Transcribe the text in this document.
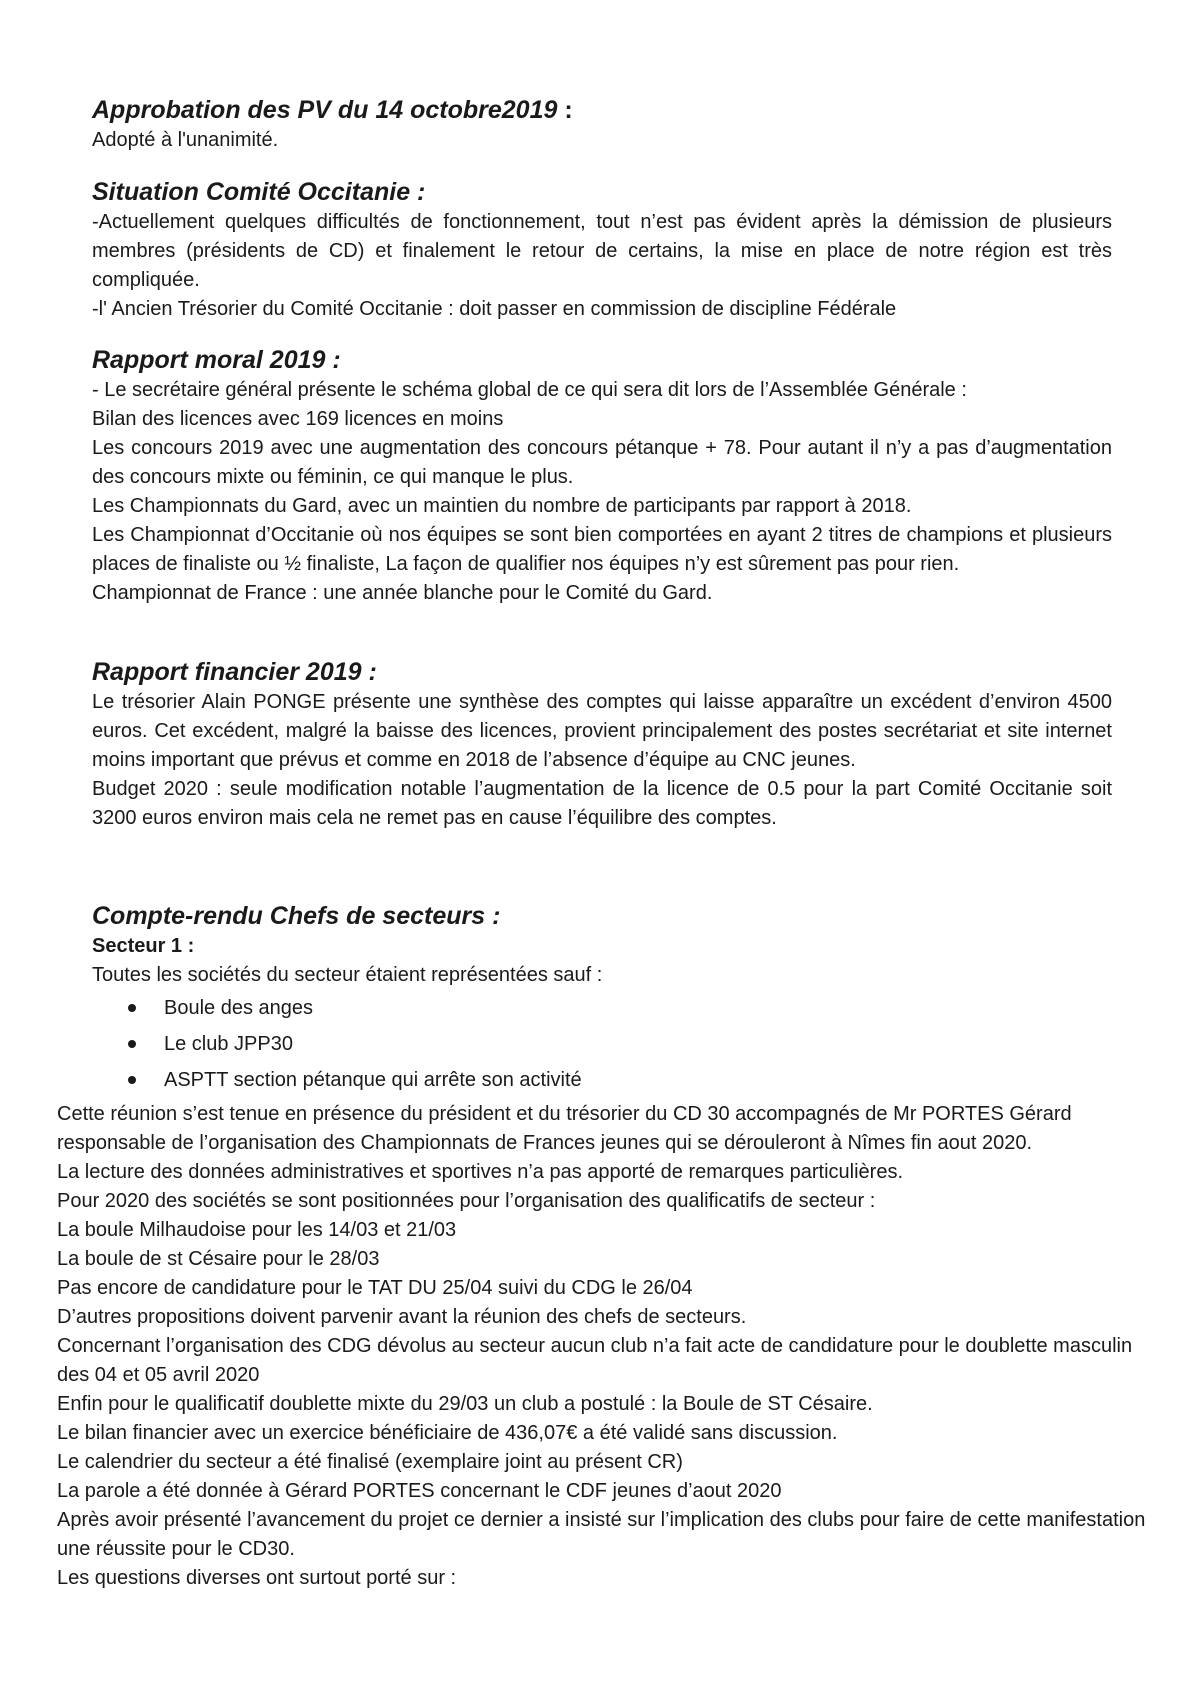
Approbation des PV du 14 octobre2019 :

Adopté à l'unanimité.

Situation Comité Occitanie :

-Actuellement quelques difficultés de fonctionnement, tout n’est pas évident après la démission de plusieurs membres (présidents de CD) et finalement le retour de certains, la mise en place de notre région est très compliquée.

-l' Ancien Trésorier du Comité Occitanie : doit passer en commission de discipline Fédérale

Rapport moral 2019 :

- Le secrétaire général présente le schéma global de ce qui sera dit lors de l’Assemblée Générale :

Bilan des licences avec 169 licences en moins

Les concours 2019 avec une augmentation des concours pétanque + 78. Pour autant il n’y a pas d’augmentation des concours mixte ou féminin, ce qui manque le plus.

Les Championnats du Gard, avec un maintien du nombre de participants par rapport à 2018.

Les Championnat d’Occitanie où nos équipes se sont bien comportées en ayant 2 titres de champions et plusieurs places de finaliste ou ½ finaliste, La façon de qualifier nos équipes n’y est sûrement pas pour rien.

Championnat de France : une année blanche pour le Comité du Gard.

Rapport financier 2019 :

Le trésorier Alain PONGE présente une synthèse des comptes qui laisse apparaître un excédent d’environ 4500 euros. Cet excédent, malgré la baisse des licences, provient principalement des postes secrétariat et site internet moins important que prévus et comme en 2018 de l’absence d’équipe au CNC jeunes.

Budget 2020 : seule modification notable l’augmentation de la licence de 0.5 pour la part Comité Occitanie soit 3200 euros environ mais cela ne remet pas en cause l’équilibre des comptes.

Compte-rendu Chefs de secteurs :

Secteur 1 :

Toutes les sociétés du secteur étaient représentées sauf :

Boule des anges
Le club JPP30
ASPTT section pétanque qui arrête son activité

Cette réunion s’est tenue en présence du président et du trésorier du CD 30 accompagnés de Mr PORTES Gérard responsable de l’organisation des Championnats de Frances jeunes qui se dérouleront à Nîmes fin aout 2020.

La lecture des données administratives et sportives n’a pas apporté de remarques particulières.

Pour 2020 des sociétés se sont positionnées pour l’organisation des qualificatifs de secteur :

La boule Milhaudoise pour les 14/03 et 21/03

La boule de st Césaire pour le 28/03

Pas encore de candidature pour le TAT DU 25/04 suivi du CDG le 26/04

D’autres propositions doivent parvenir avant la réunion des chefs de secteurs.

Concernant l’organisation des CDG dévolus au secteur aucun club n’a fait acte de candidature pour le doublette masculin des 04 et 05 avril 2020

Enfin pour le qualificatif doublette mixte du 29/03 un club a postulé : la Boule de ST Césaire.

Le bilan financier avec un exercice bénéficiaire de 436,07€ a été validé sans discussion.

Le calendrier du secteur a été finalisé (exemplaire joint au présent CR)

La parole a été donnée à Gérard PORTES concernant le CDF jeunes d’aout 2020

Après avoir présenté l’avancement du projet ce dernier a insisté sur l’implication des clubs pour faire de cette manifestation une réussite pour le CD30.

Les questions diverses ont surtout porté sur :
